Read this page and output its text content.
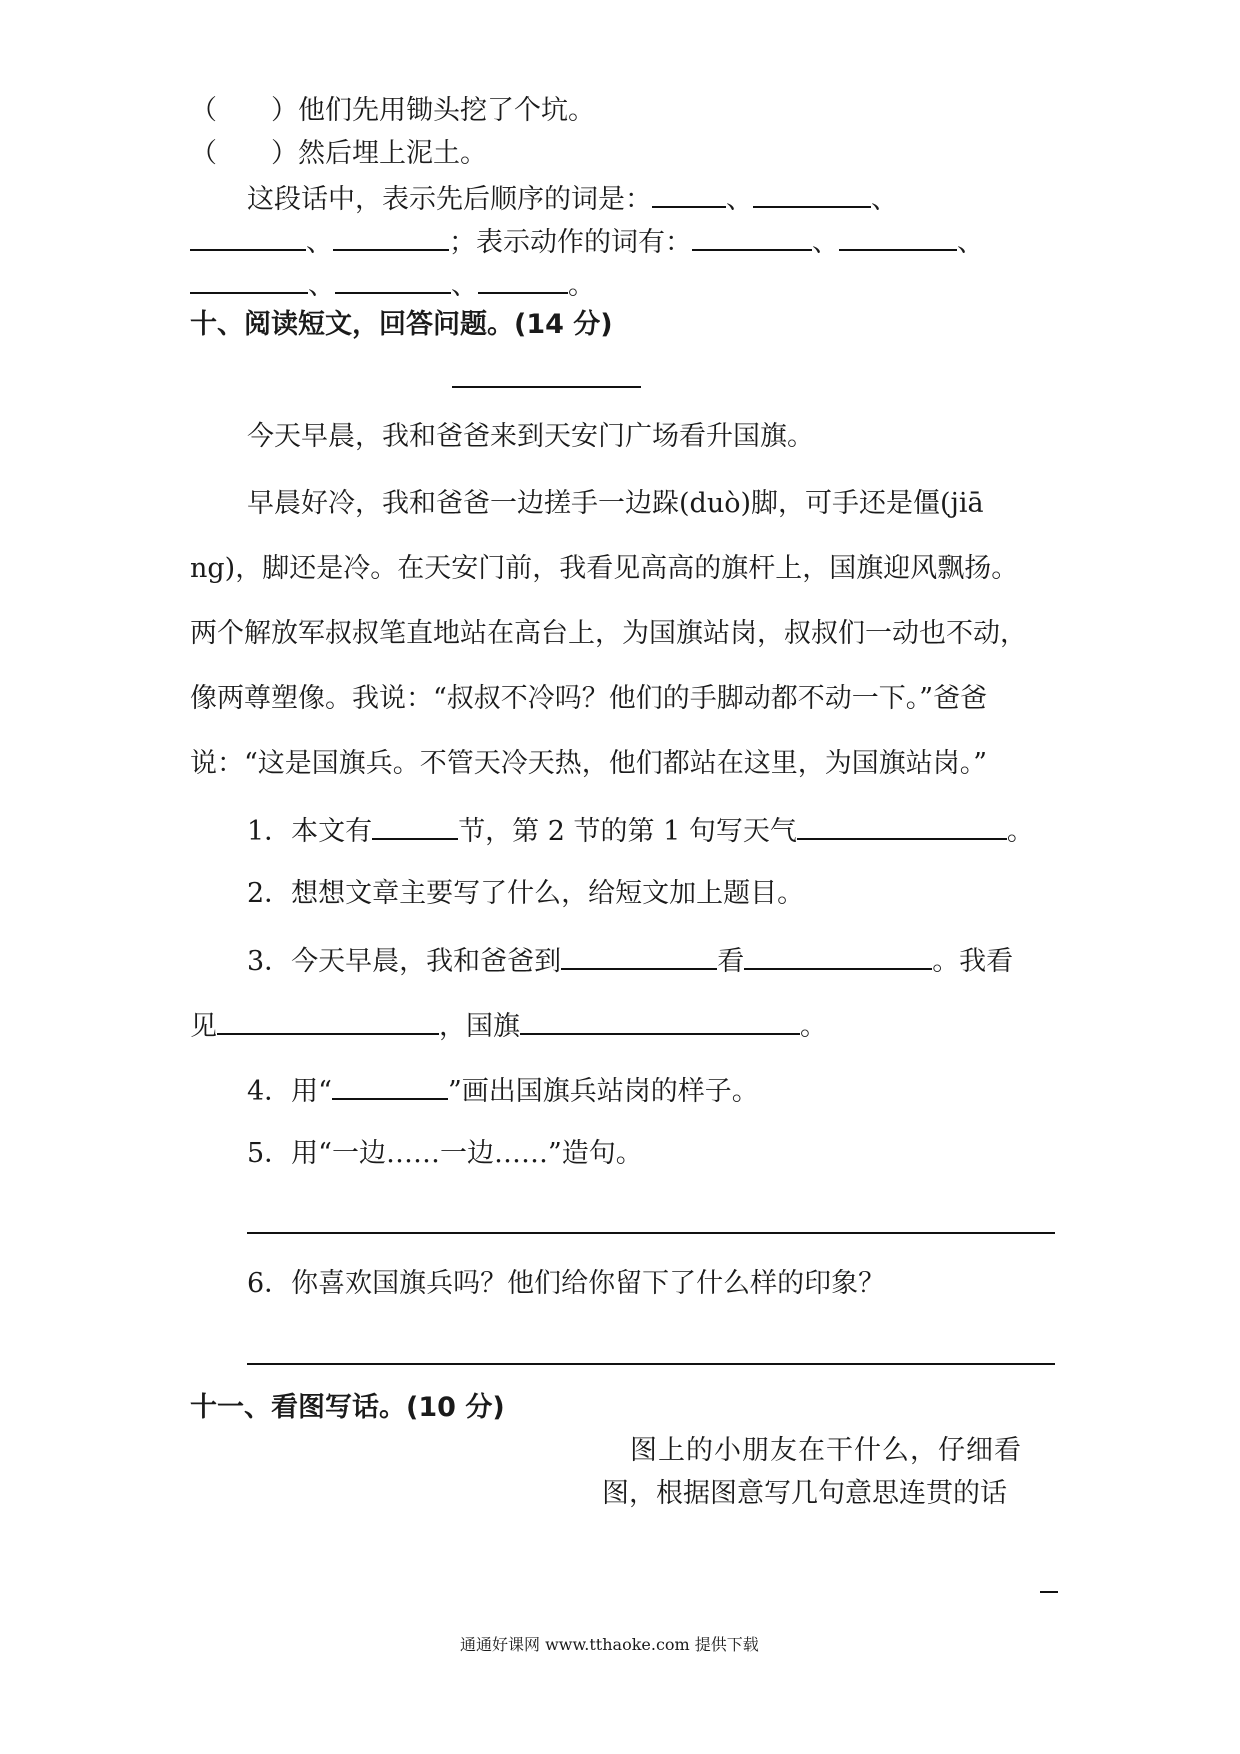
（　　）他们先用锄头挖了个坑。
（　　）然后埋上泥土。
这段话中，表示先后顺序的词是：	、	、
、	；表示动作的词有：	、	、
、	、	。
十、阅读短文，回答问题。(14 分)
今天早晨，我和爸爸来到天安门广场看升国旗。
早晨好冷，我和爸爸一边搓手一边跺(duò)脚，可手还是僵(jiā
ng)，脚还是冷。在天安门前，我看见高高的旗杆上，国旗迎风飘扬。
两个解放军叔叔笔直地站在高台上，为国旗站岗，叔叔们一动也不动，
像两尊塑像。我说：“叔叔不冷吗？他们的手脚动都不动一下。”爸爸
说：“这是国旗兵。不管天冷天热，他们都站在这里，为国旗站岗。”
1．本文有	节，第 2 节的第 1 句写天气	。
2．想想文章主要写了什么，给短文加上题目。
3．今天早晨，我和爸爸到	看	。我看
见	，国旗	。
4．用“	”画出国旗兵站岗的样子。
5．用“一边……一边……”造句。
6．你喜欢国旗兵吗？他们给你留下了什么样的印象？
十一、看图写话。(10 分)
图上的小朋友在干什么，仔细看
图，根据图意写几句意思连贯的话
通通好课网 www.tthaoke.com 提供下载
